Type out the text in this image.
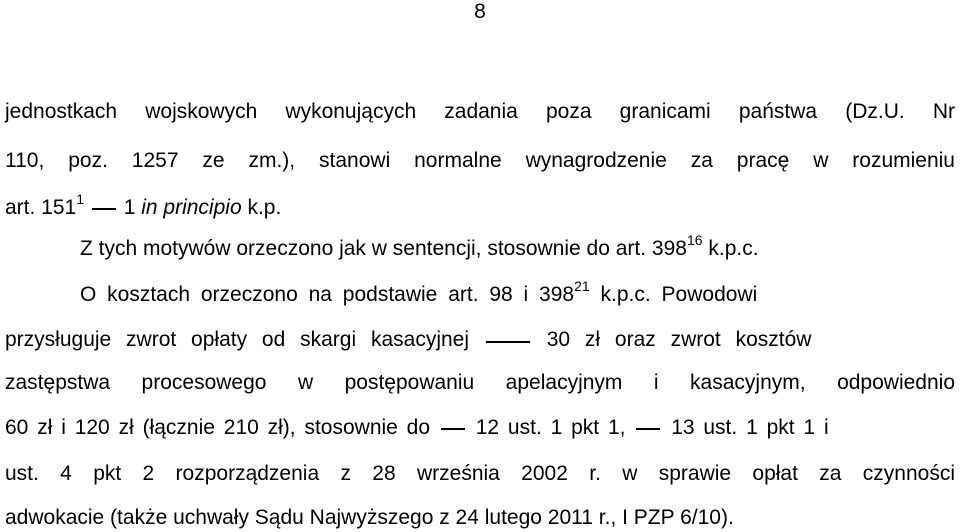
8
jednostkach wojskowych wykonujących zadania poza granicami państwa (Dz.U. Nr
110, poz. 1257 ze zm.), stanowi normalne wynagrodzenie za pracę w rozumieniu
art. $151^1$ 1 in principio k.p.
Z tych motywów orzeczono jak w sentencji, stosownie do art. $398^{16}$ k.p.c.
O kosztach orzeczono na podstawie art. 98 i $398^{21}$ k.p.c. Powodowi
przysługuje zwrot opłaty od skargi kasacyjnej	30 zł oraz zwrot kosztów
zastępstwa procesowego w postępowaniu apelacyjnym i kasacyjnym, odpowiednio
60 zł i 120 zł (łącznie 210 zł), stosownie do 12 ust. 1 pkt 1, 13 ust. 1 pkt 1 i
ust. 4 pkt 2 rozporządzenia z 28 września 2002 r. w sprawie opłat za czynności
adwokacie (także uchwały Sądu Najwyższego z 24 lutego 2011 r., I PZP 6/10).
